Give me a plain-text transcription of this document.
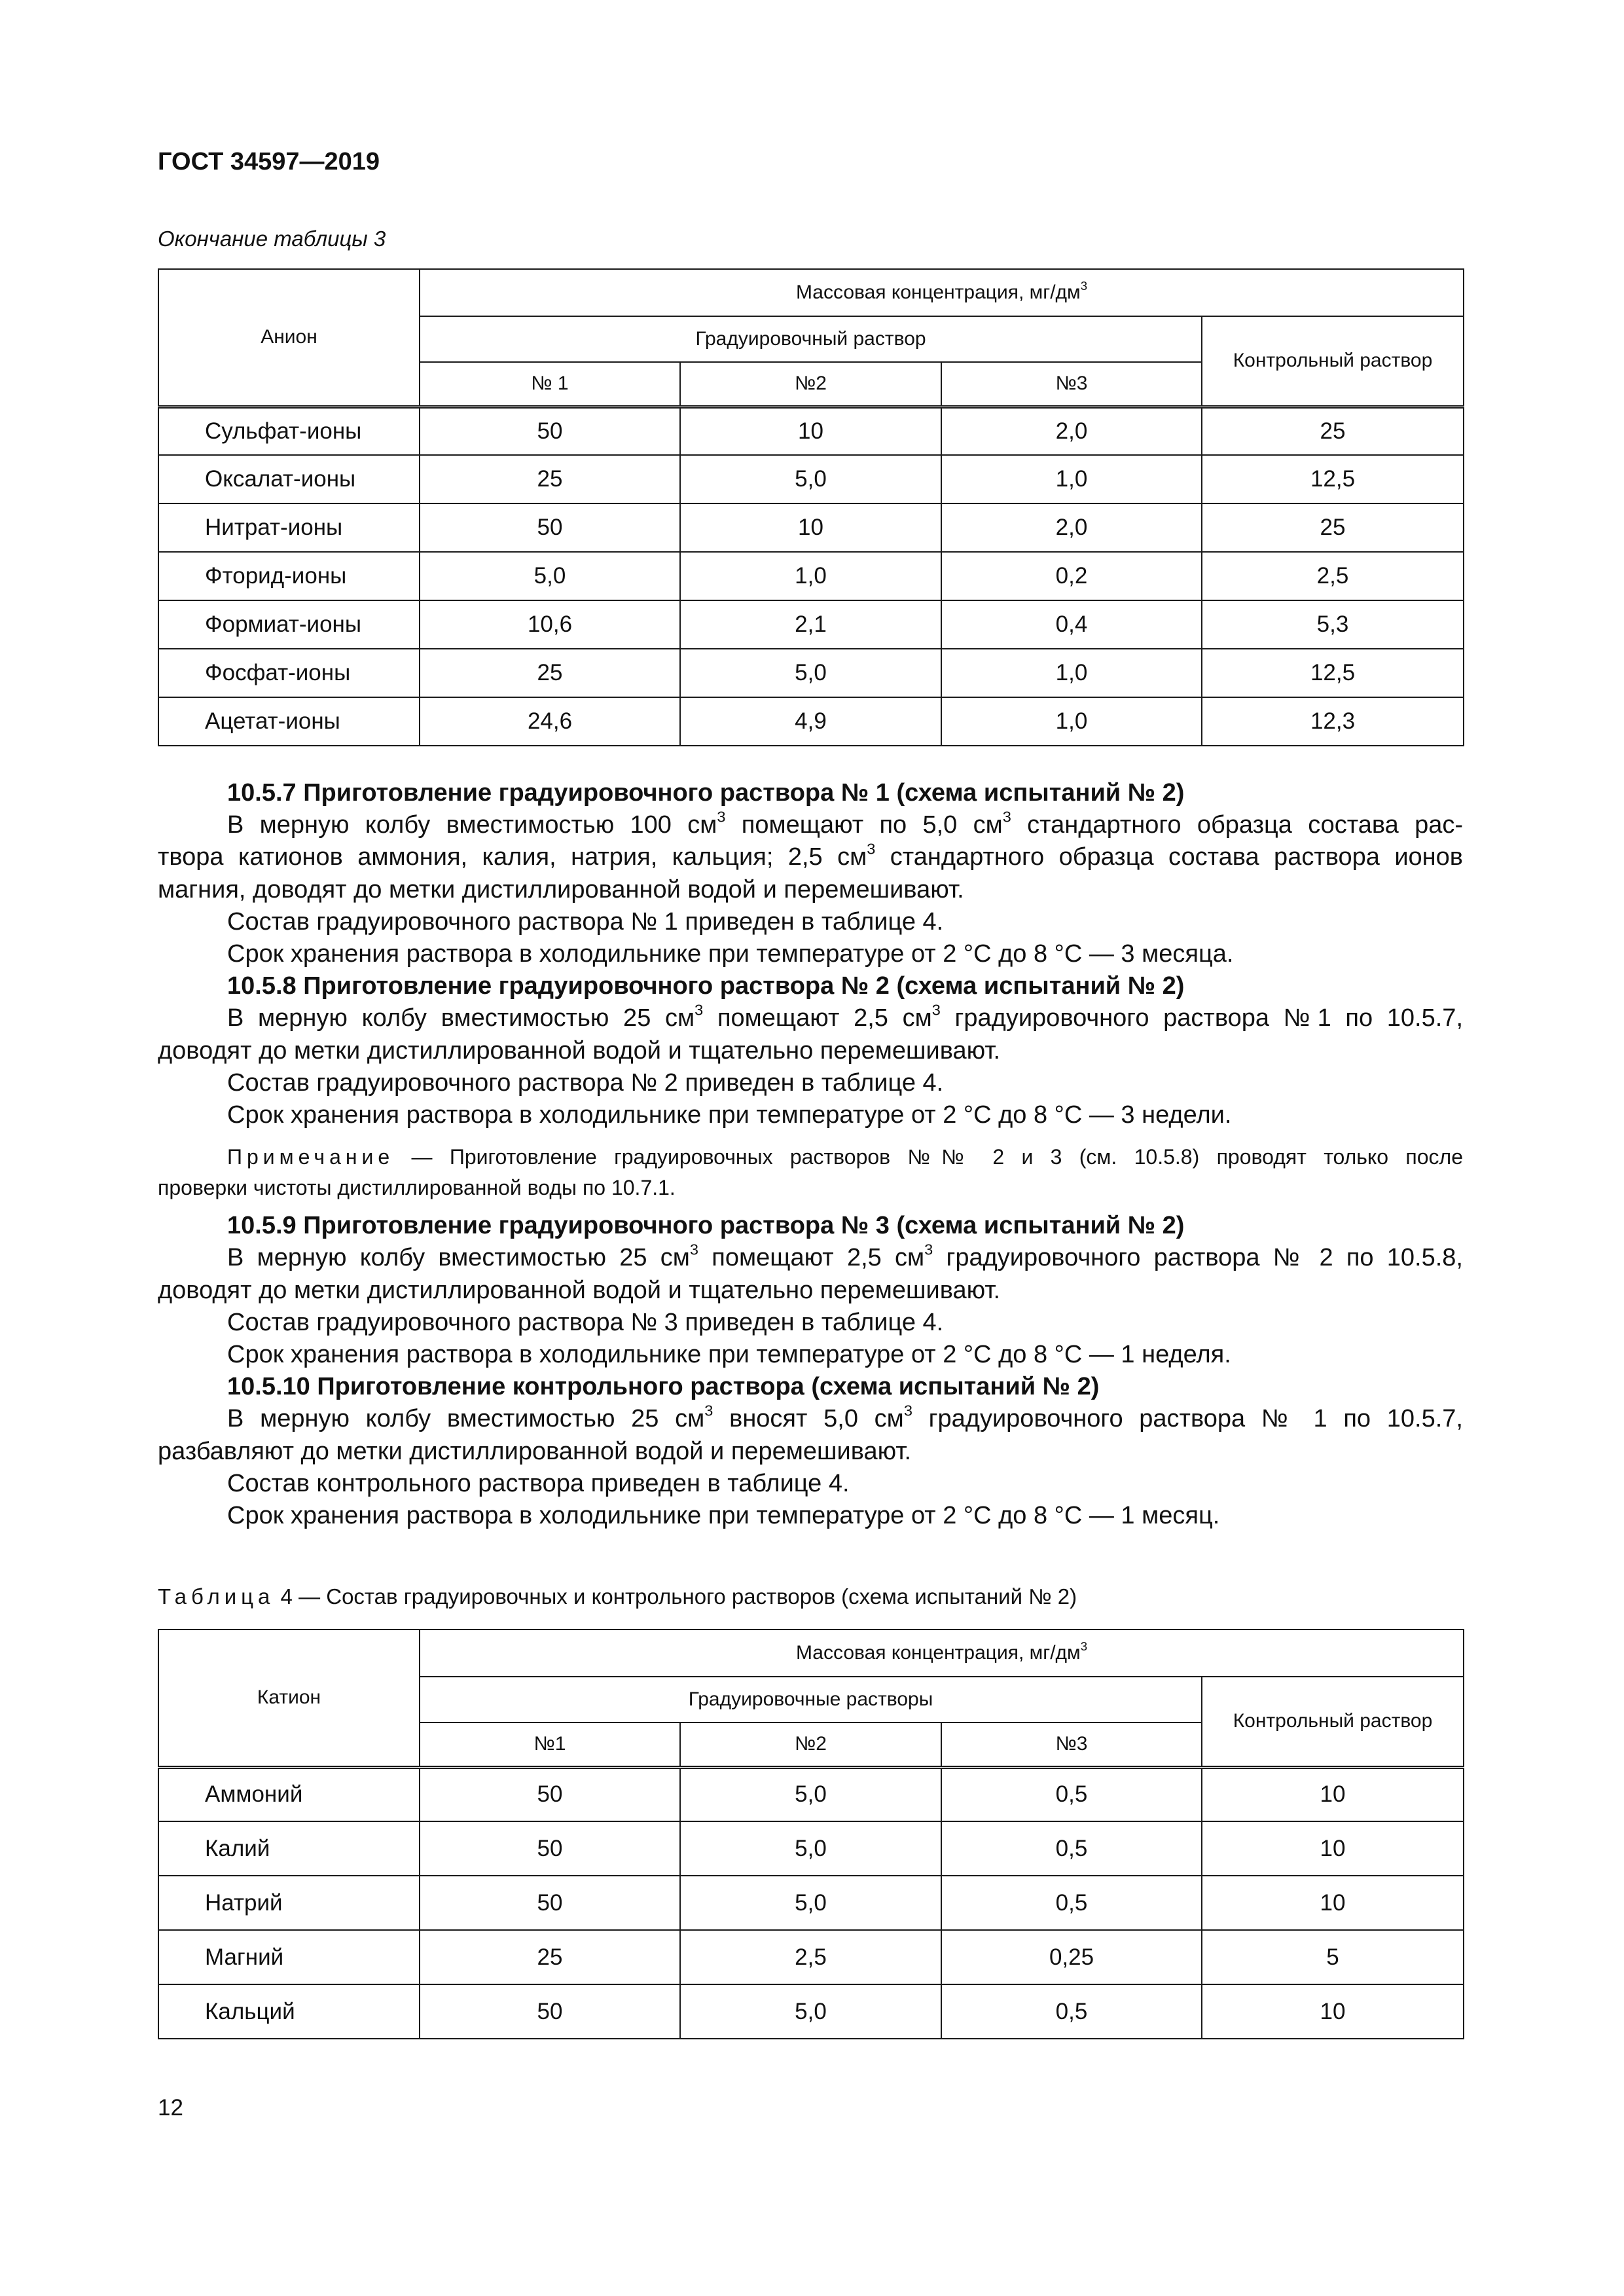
ГОСТ 34597—2019
Окончание таблицы 3
Анион	Массовая концентрация, $мг/дм^3$
	Градуировочный раствор			Контрольный раствор
	№ 1	№2	№3	
Сульфат-ионы	50	10	2,0	25
Оксалат-ионы	25	5,0	1,0	12,5
Нитрат-ионы	50	10	2,0	25
Фторид-ионы	5,0	1,0	0,2	2,5
Формиат-ионы	10,6	2,1	0,4	5,3
Фосфат-ионы	25	5,0	1,0	12,5
Ацетат-ионы	24,6	4,9	1,0	12,3

10.5.7 Приготовление градуировочного раствора № 1 (схема испытаний № 2)

В мерную колбу вместимостью 100 $см^3$ помещают по 5,0 $см^3$ стандартного образца состава рас-

твора катионов аммония, калия, натрия, кальция; 2,5 $см^3$ стандартного образца состава раствора ионов

магния, доводят до метки дистиллированной водой и перемешивают.

Состав градуировочного раствора № 1 приведен в таблице 4.

Срок хранения раствора в холодильнике при температуре от 2 °С до 8 °С — 3 месяца.

10.5.8 Приготовление градуировочного раствора № 2 (схема испытаний № 2)

В мерную колбу вместимостью 25 $см^3$ помещают 2,5 $см^3$ градуировочного раствора №1 по 10.5.7,

доводят до метки дистиллированной водой и тщательно перемешивают.

Состав градуировочного раствора № 2 приведен в таблице 4.

Срок хранения раствора в холодильнике при температуре от 2 °С до 8 °С — 3 недели.

Примечание — Приготовление градуировочных растворов №№ 2 и 3 (см. 10.5.8) проводят только после

проверки чистоты дистиллированной воды по 10.7.1.

10.5.9 Приготовление градуировочного раствора № 3 (схема испытаний № 2)

В мерную колбу вместимостью 25 $см^3$ помещают 2,5 $см^3$ градуировочного раствора № 2 по 10.5.8,

доводят до метки дистиллированной водой и тщательно перемешивают.

Состав градуировочного раствора № 3 приведен в таблице 4.

Срок хранения раствора в холодильнике при температуре от 2 °С до 8 °С — 1 неделя.

10.5.10 Приготовление контрольного раствора (схема испытаний № 2)

В мерную колбу вместимостью 25 $см^3$ вносят 5,0 $см^3$ градуировочного раствора № 1 по 10.5.7,

разбавляют до метки дистиллированной водой и перемешивают.

Состав контрольного раствора приведен в таблице 4.

Срок хранения раствора в холодильнике при температуре от 2 °С до 8 °С — 1 месяц.

Таблица 4 — Состав градуировочных и контрольного растворов (схема испытаний № 2)
Катион	Массовая концентрация, $мг/дм^3$
	Градуировочные растворы			Контрольный раствор
	№1	№2	№3	
Аммоний	50	5,0	0,5	10
Калий	50	5,0	0,5	10
Натрий	50	5,0	0,5	10
Магний	25	2,5	0,25	5
Кальций	50	5,0	0,5	10
12
